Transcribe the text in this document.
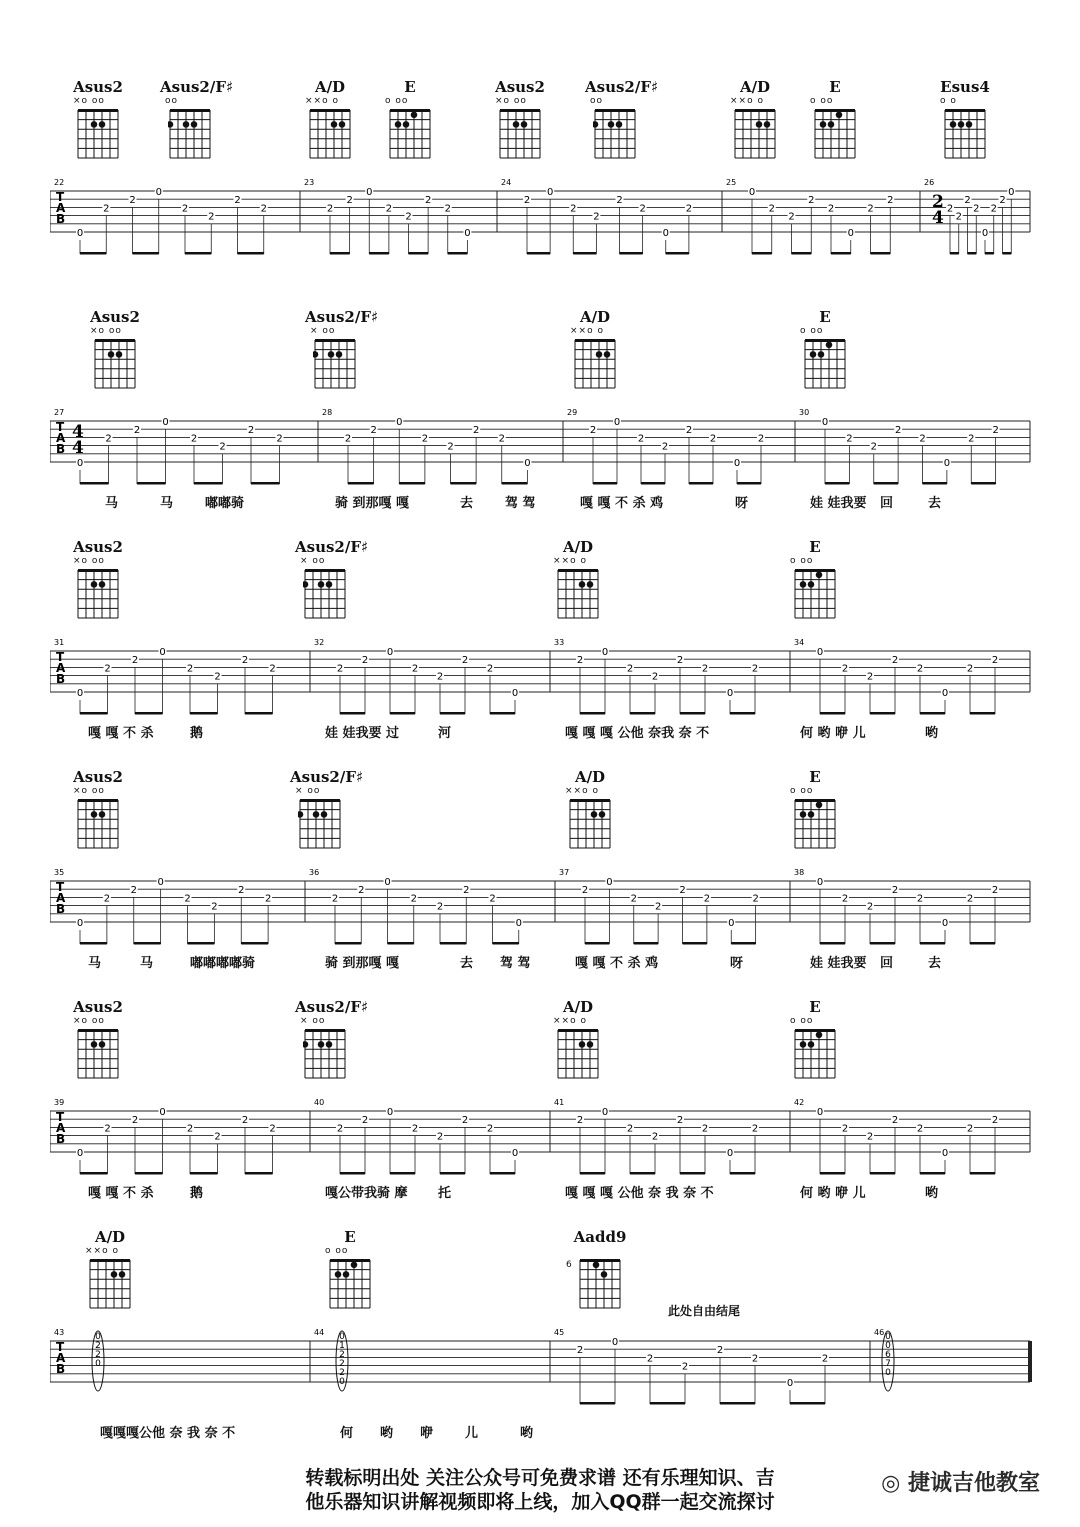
Asus2
×o oo
Asus2/F♯
oo
A/D
××o o
E
o oo
Asus2
×o oo
Asus2/F♯
oo
A/D
××o o
E
o oo
Esus4
o o
T
A
B
22	23	24	25	26
0
2
2
0
2
2
2
2	2
2
0
2
2
2
2
0
2
0
2
2
2
2
0
2
0
2
2
2
2
0
2
2
2
2
2
2
0
2
2
0
2
4
Asus2
×o oo
Asus2/F♯
× oo
A/D
××o o
E
o oo
T
A
B
27	28	29	30
0
2
2
0
2
2
2
2	2
2
0
2
2
2
2
0
2
0
2
2
2
2
0
2
0
2
2
2
2
0
2
2
4
4
马	马 嘟嘟骑	骑 到那嘎 嘎	去 驾 驾	嘎 嘎 不 杀 鸡	呀	娃 娃我要 回	去
Asus2
×o oo
Asus2/F♯
× oo
A/D
××o o
E
o oo
T
A
B
31	32	33	34
0
2
2
0
2
2
2
2	2
2
0
2
2
2
2
0
2
0
2
2
2
2
0
2
0
2
2
2
2
0
2
2
嘎 嘎 不 杀	鹅	娃 娃我要 过	河	嘎 嘎 嘎 公他 奈我 奈 不	何 哟 咿 儿	哟
Asus2
×o oo
Asus2/F♯
× oo
A/D
××o o
E
o oo
T
A
B
35	36	37	38
0
2
2
0
2
2
2
2	2
2
0
2
2
2
2
0
2
0
2
2
2
2
0
2
0
2
2
2
2
0
2
2
马	马	嘟嘟嘟嘟骑	骑 到那嘎 嘎	去 驾 驾	嘎 嘎 不 杀 鸡	呀	娃 娃我要 回	去
Asus2
×o oo
Asus2/F♯
× oo
A/D
××o o
E
o oo
T
A
B
39	40	41	42
0
2
2
0
2
2
2
2	2
2
0
2
2
2
2
0
2
0
2
2
2
2
0
2
0
2
2
2
2
0
2
2
嘎 嘎 不 杀	鹅	嘎公带我骑 摩 托	嘎 嘎 嘎 公他 奈 我 奈 不	何 哟 咿 儿	哟
A/D
××o o
E
o oo
Aadd9
6
T
A
B
43	44	45	46
2
0
2
2
2
2
0
2
0
2
2
0
0
1
2
2
2
0
0
0
6
7
0
嘎嘎嘎公他 奈 我 奈 不	何 哟 咿 儿	哟
此处自由结尾
转载标明出处 关注公众号可免费求谱 还有乐理知识、吉
他乐器知识讲解视频即将上线，加入QQ群一起交流探讨
◎ 捷诚吉他教室
